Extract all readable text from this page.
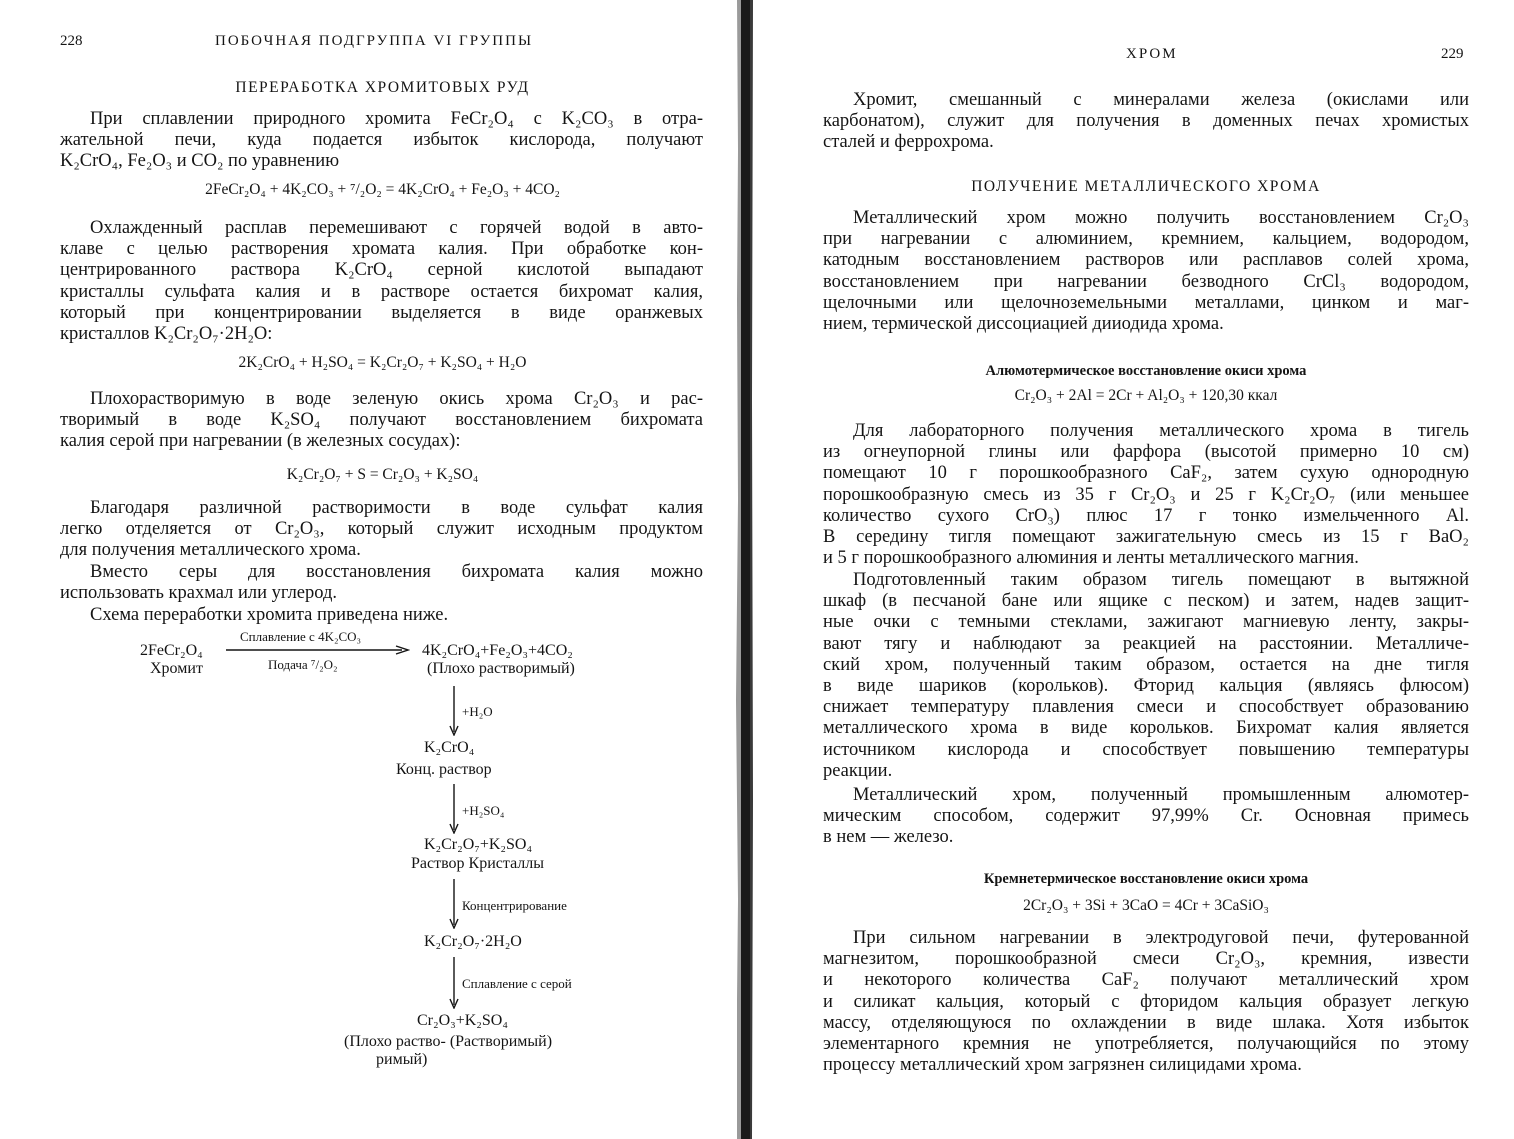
228	ПОБОЧНАЯ ПОДГРУППА VI ГРУППЫ
ПЕРЕРАБОТКА ХРОМИТОВЫХ РУД
При сплавлении природного хромита FeCr₂O₄ с K₂CO₃ в отра-
жательной печи, куда подается избыток кислорода, получают
K₂CrO₄, Fe₂O₃ и CO₂ по уравнению
2FeCr₂O₄ + 4K₂CO₃ + ⁷/₂O₂ = 4K₂CrO₄ + Fe₂O₃ + 4CO₂
Охлажденный расплав перемешивают с горячей водой в авто-
клаве с целью растворения хромата калия. При обработке кон-
центрированного раствора K₂CrO₄ серной кислотой выпадают
кристаллы сульфата калия и в растворе остается бихромат калия,
который при концентрировании выделяется в виде оранжевых
кристаллов K₂Cr₂O₇·2H₂O:
2K₂CrO₄ + H₂SO₄ = K₂Cr₂O₇ + K₂SO₄ + H₂O
Плохорастворимую в воде зеленую окись хрома Cr₂O₃ и рас-
творимый в воде K₂SO₄ получают восстановлением бихромата
калия серой при нагревании (в железных сосудах):
K₂Cr₂O₇ + S = Cr₂O₃ + K₂SO₄
Благодаря различной растворимости в воде сульфат калия
легко отделяется от Cr₂O₃, который служит исходным продуктом
для получения металлического хрома.
Вместо серы для восстановления бихромата калия можно
использовать крахмал или углерод.
Схема переработки хромита приведена ниже.
2FeCr₂O₄
Хромит
Сплавление с 4K₂CO₃
Подача ⁷/₂O₂
4K₂CrO₄+Fe₂O₃+4CO₂
(Плохо растворимый)
+H₂O
K₂CrO₄
Конц. раствор
+H₂SO₄
K₂Cr₂O₇+K₂SO₄
Раствор Кристаллы
Концентрирование
K₂Cr₂O₇·2H₂O
Сплавление с серой
Cr₂O₃+K₂SO₄
(Плохо раство- (Растворимый)
римый)
ХРОМ	229
Хромит, смешанный с минералами железа (окислами или
карбонатом), служит для получения в доменных печах хромистых
сталей и феррохрома.
ПОЛУЧЕНИЕ МЕТАЛЛИЧЕСКОГО ХРОМА
Металлический хром можно получить восстановлением Cr₂O₃
при нагревании с алюминием, кремнием, кальцием, водородом,
катодным восстановлением растворов или расплавов солей хрома,
восстановлением при нагревании безводного CrCl₃ водородом,
щелочными или щелочноземельными металлами, цинком и маг-
нием, термической диссоциацией дииодида хрома.
Алюмотермическое восстановление окиси хрома
Cr₂O₃ + 2Al = 2Cr + Al₂O₃ + 120,30 ккал
Для лабораторного получения металлического хрома в тигель
из огнеупорной глины или фарфора (высотой примерно 10 см)
помещают 10 г порошкообразного CaF₂, затем сухую однородную
порошкообразную смесь из 35 г Cr₂O₃ и 25 г K₂Cr₂O₇ (или меньшее
количество сухого CrO₃) плюс 17 г тонко измельченного Al.
В середину тигля помещают зажигательную смесь из 15 г BaO₂
и 5 г порошкообразного алюминия и ленты металлического магния.
Подготовленный таким образом тигель помещают в вытяжной
шкаф (в песчаной бане или ящике с песком) и затем, надев защит-
ные очки с темными стеклами, зажигают магниевую ленту, закры-
вают тягу и наблюдают за реакцией на расстоянии. Металличе-
ский хром, полученный таким образом, остается на дне тигля
в виде шариков (корольков). Фторид кальция (являясь флюсом)
снижает температуру плавления смеси и способствует образованию
металлического хрома в виде корольков. Бихромат калия является
источником кислорода и способствует повышению температуры
реакции.
Металлический хром, полученный промышленным алюмотер-
мическим способом, содержит 97,99% Cr. Основная примесь
в нем — железо.
Кремнетермическое восстановление окиси хрома
2Cr₂O₃ + 3Si + 3CaO = 4Cr + 3CaSiO₃
При сильном нагревании в электродуговой печи, футерованной
магнезитом, порошкообразной смеси Cr₂O₃, кремния, извести
и некоторого количества CaF₂ получают металлический хром
и силикат кальция, который с фторидом кальция образует легкую
массу, отделяющуюся по охлаждении в виде шлака. Хотя избыток
элементарного кремния не употребляется, получающийся по этому
процессу металлический хром загрязнен силицидами хрома.
